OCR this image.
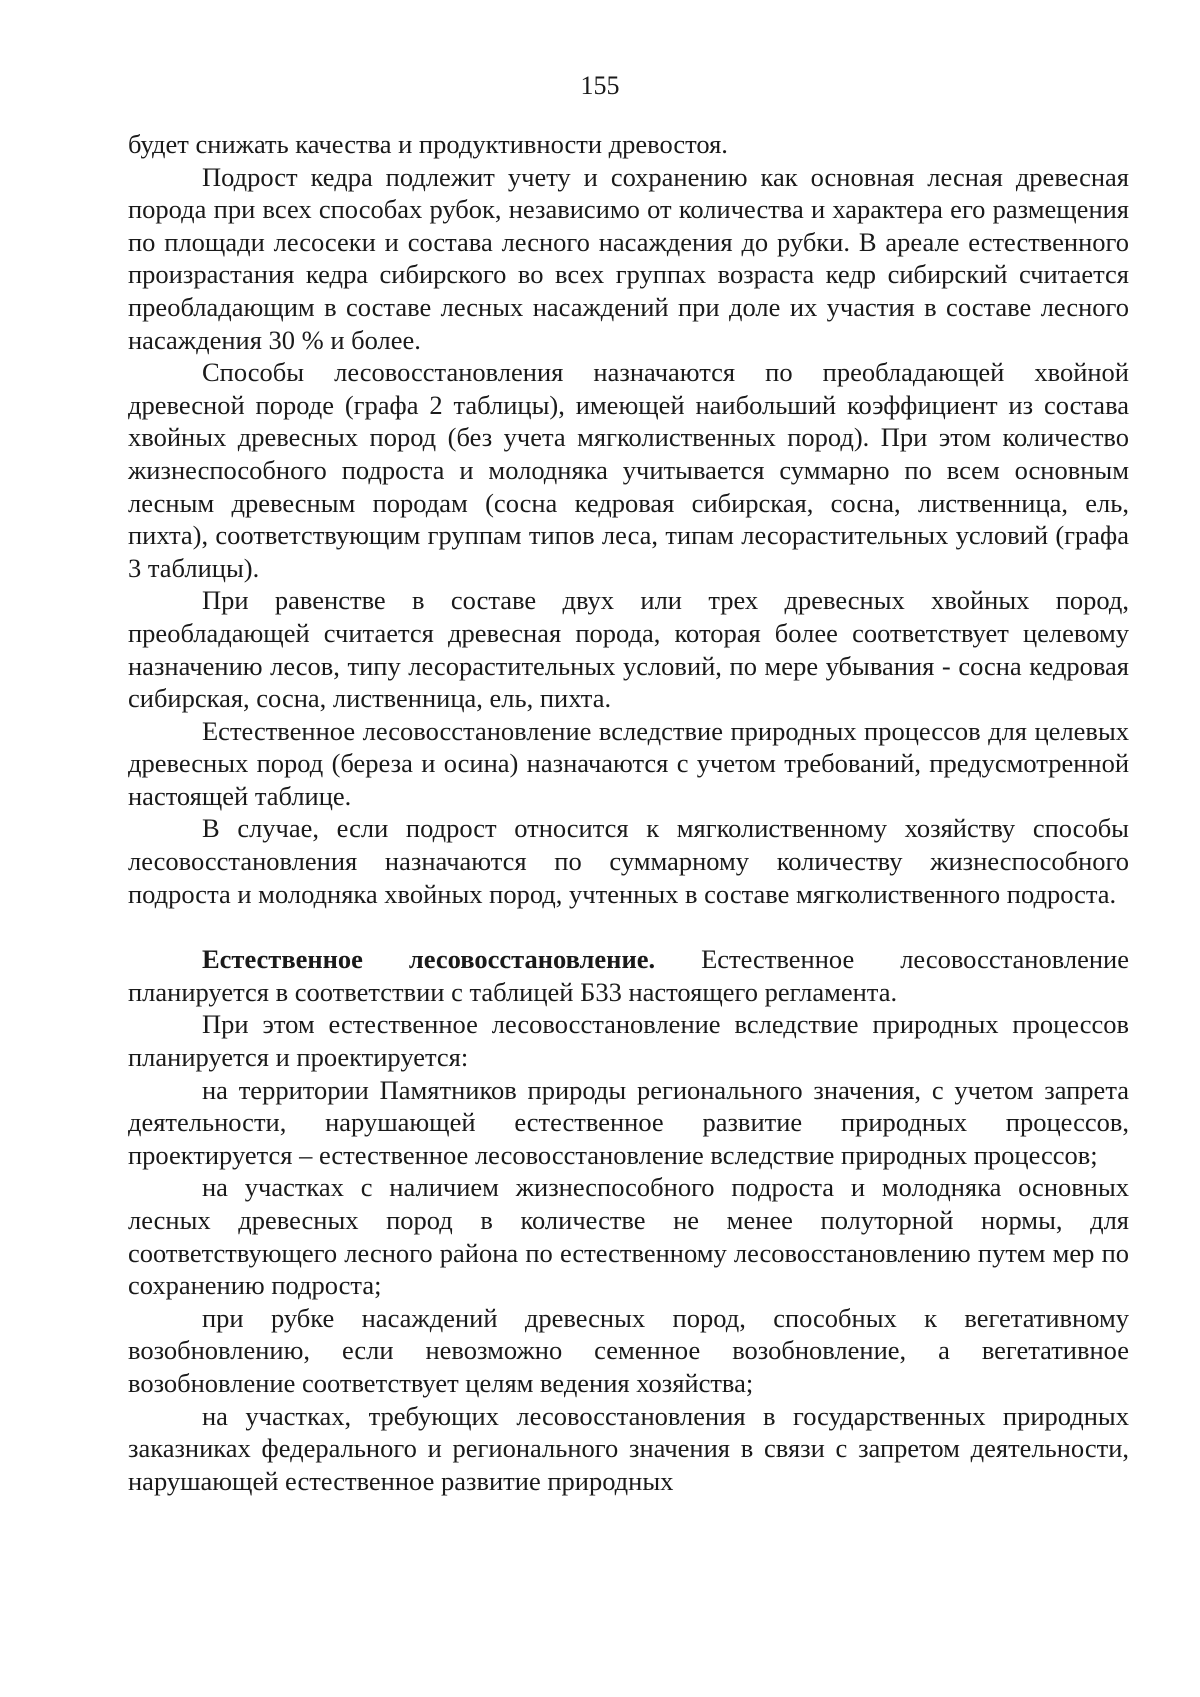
155

будет снижать качества и продуктивности древостоя.

Подрост кедра подлежит учету и сохранению как основная лесная древесная порода при всех способах рубок, независимо от количества и характера его размещения по площади лесосеки и состава лесного насаждения до рубки. В ареале естественного произрастания кедра сибирского во всех группах возраста кедр сибирский считается преобладающим в составе лесных насаждений при доле их участия в составе лесного насаждения 30 % и более.

Способы лесовосстановления назначаются по преобладающей хвойной древесной породе (графа 2 таблицы), имеющей наибольший коэффициент из состава хвойных древесных пород (без учета мягколиственных пород). При этом количество жизнеспособного подроста и молодняка учитывается суммарно по всем основным лесным древесным породам (сосна кедровая сибирская, сосна, лиственница, ель, пихта), соответствующим группам типов леса, типам лесорастительных условий (графа 3 таблицы).

При равенстве в составе двух или трех древесных хвойных пород, преобладающей считается древесная порода, которая более соответствует целевому назначению лесов, типу лесорастительных условий, по мере убывания - сосна кедровая сибирская, сосна, лиственница, ель, пихта.

Естественное лесовосстановление вследствие природных процессов для целевых древесных пород (береза и осина) назначаются с учетом требований, предусмотренной настоящей таблице.

В случае, если подрост относится к мягколиственному хозяйству способы лесовосстановления назначаются по суммарному количеству жизнеспособного подроста и молодняка хвойных пород, учтенных в составе мягколиственного подроста.

Естественное лесовосстановление. Естественное лесовосстановление планируется в соответствии с таблицей Б33 настоящего регламента.

При этом естественное лесовосстановление вследствие природных процессов планируется и проектируется:

на территории Памятников природы регионального значения, с учетом запрета деятельности, нарушающей естественное развитие природных процессов, проектируется – естественное лесовосстановление вследствие природных процессов;

на участках с наличием жизнеспособного подроста и молодняка основных лесных древесных пород в количестве не менее полуторной нормы, для соответствующего лесного района по естественному лесовосстановлению путем мер по сохранению подроста;

при рубке насаждений древесных пород, способных к вегетативному возобновлению, если невозможно семенное возобновление, а вегетативное возобновление соответствует целям ведения хозяйства;

на участках, требующих лесовосстановления в государственных природных заказниках федерального и регионального значения в связи с запретом деятельности, нарушающей естественное развитие природных
